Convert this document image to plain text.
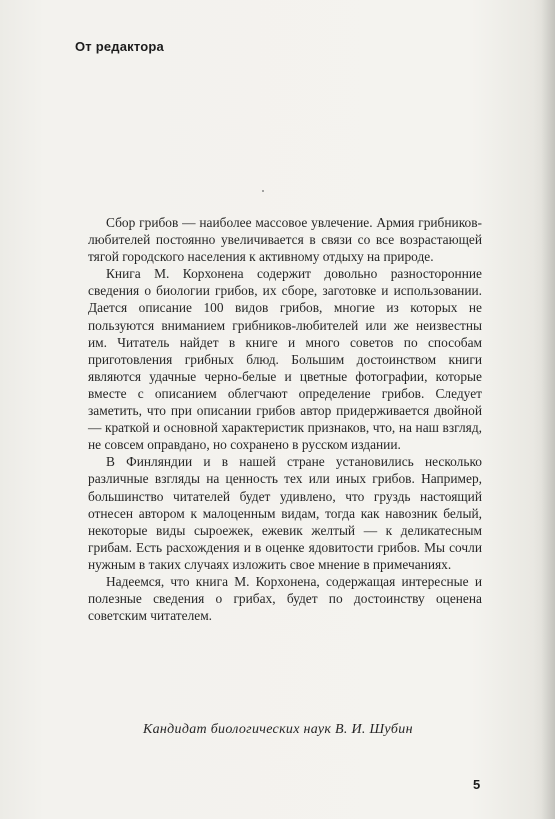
От редактора

Сбор грибов — наиболее массовое увлечение. Армия грибников-любителей постоянно увеличивается в связи со все возрастающей тягой городского населения к активному отдыху на природе.

Книга М. Корхонена содержит довольно разносторонние сведения о биологии грибов, их сборе, заготовке и использовании. Дается описание 100 видов грибов, многие из которых не пользуются вниманием грибников-любителей или же неизвестны им. Читатель найдет в книге и много советов по способам приготовления грибных блюд. Большим достоинством книги являются удачные черно-белые и цветные фотографии, которые вместе с описанием облегчают определение грибов. Следует заметить, что при описании грибов автор придерживается двойной — краткой и основной характеристик признаков, что, на наш взгляд, не совсем оправдано, но сохранено в русском издании.

В Финляндии и в нашей стране установились несколько различные взгляды на ценность тех или иных грибов. Например, большинство читателей будет удивлено, что груздь настоящий отнесен автором к малоценным видам, тогда как навозник белый, некоторые виды сыроежек, ежевик желтый — к деликатесным грибам. Есть расхождения и в оценке ядовитости грибов. Мы сочли нужным в таких случаях изложить свое мнение в примечаниях.

Надеемся, что книга М. Корхонена, содержащая интересные и полезные сведения о грибах, будет по достоинству оценена советским читателем.

Кандидат биологических наук В. И. Шубин
5
